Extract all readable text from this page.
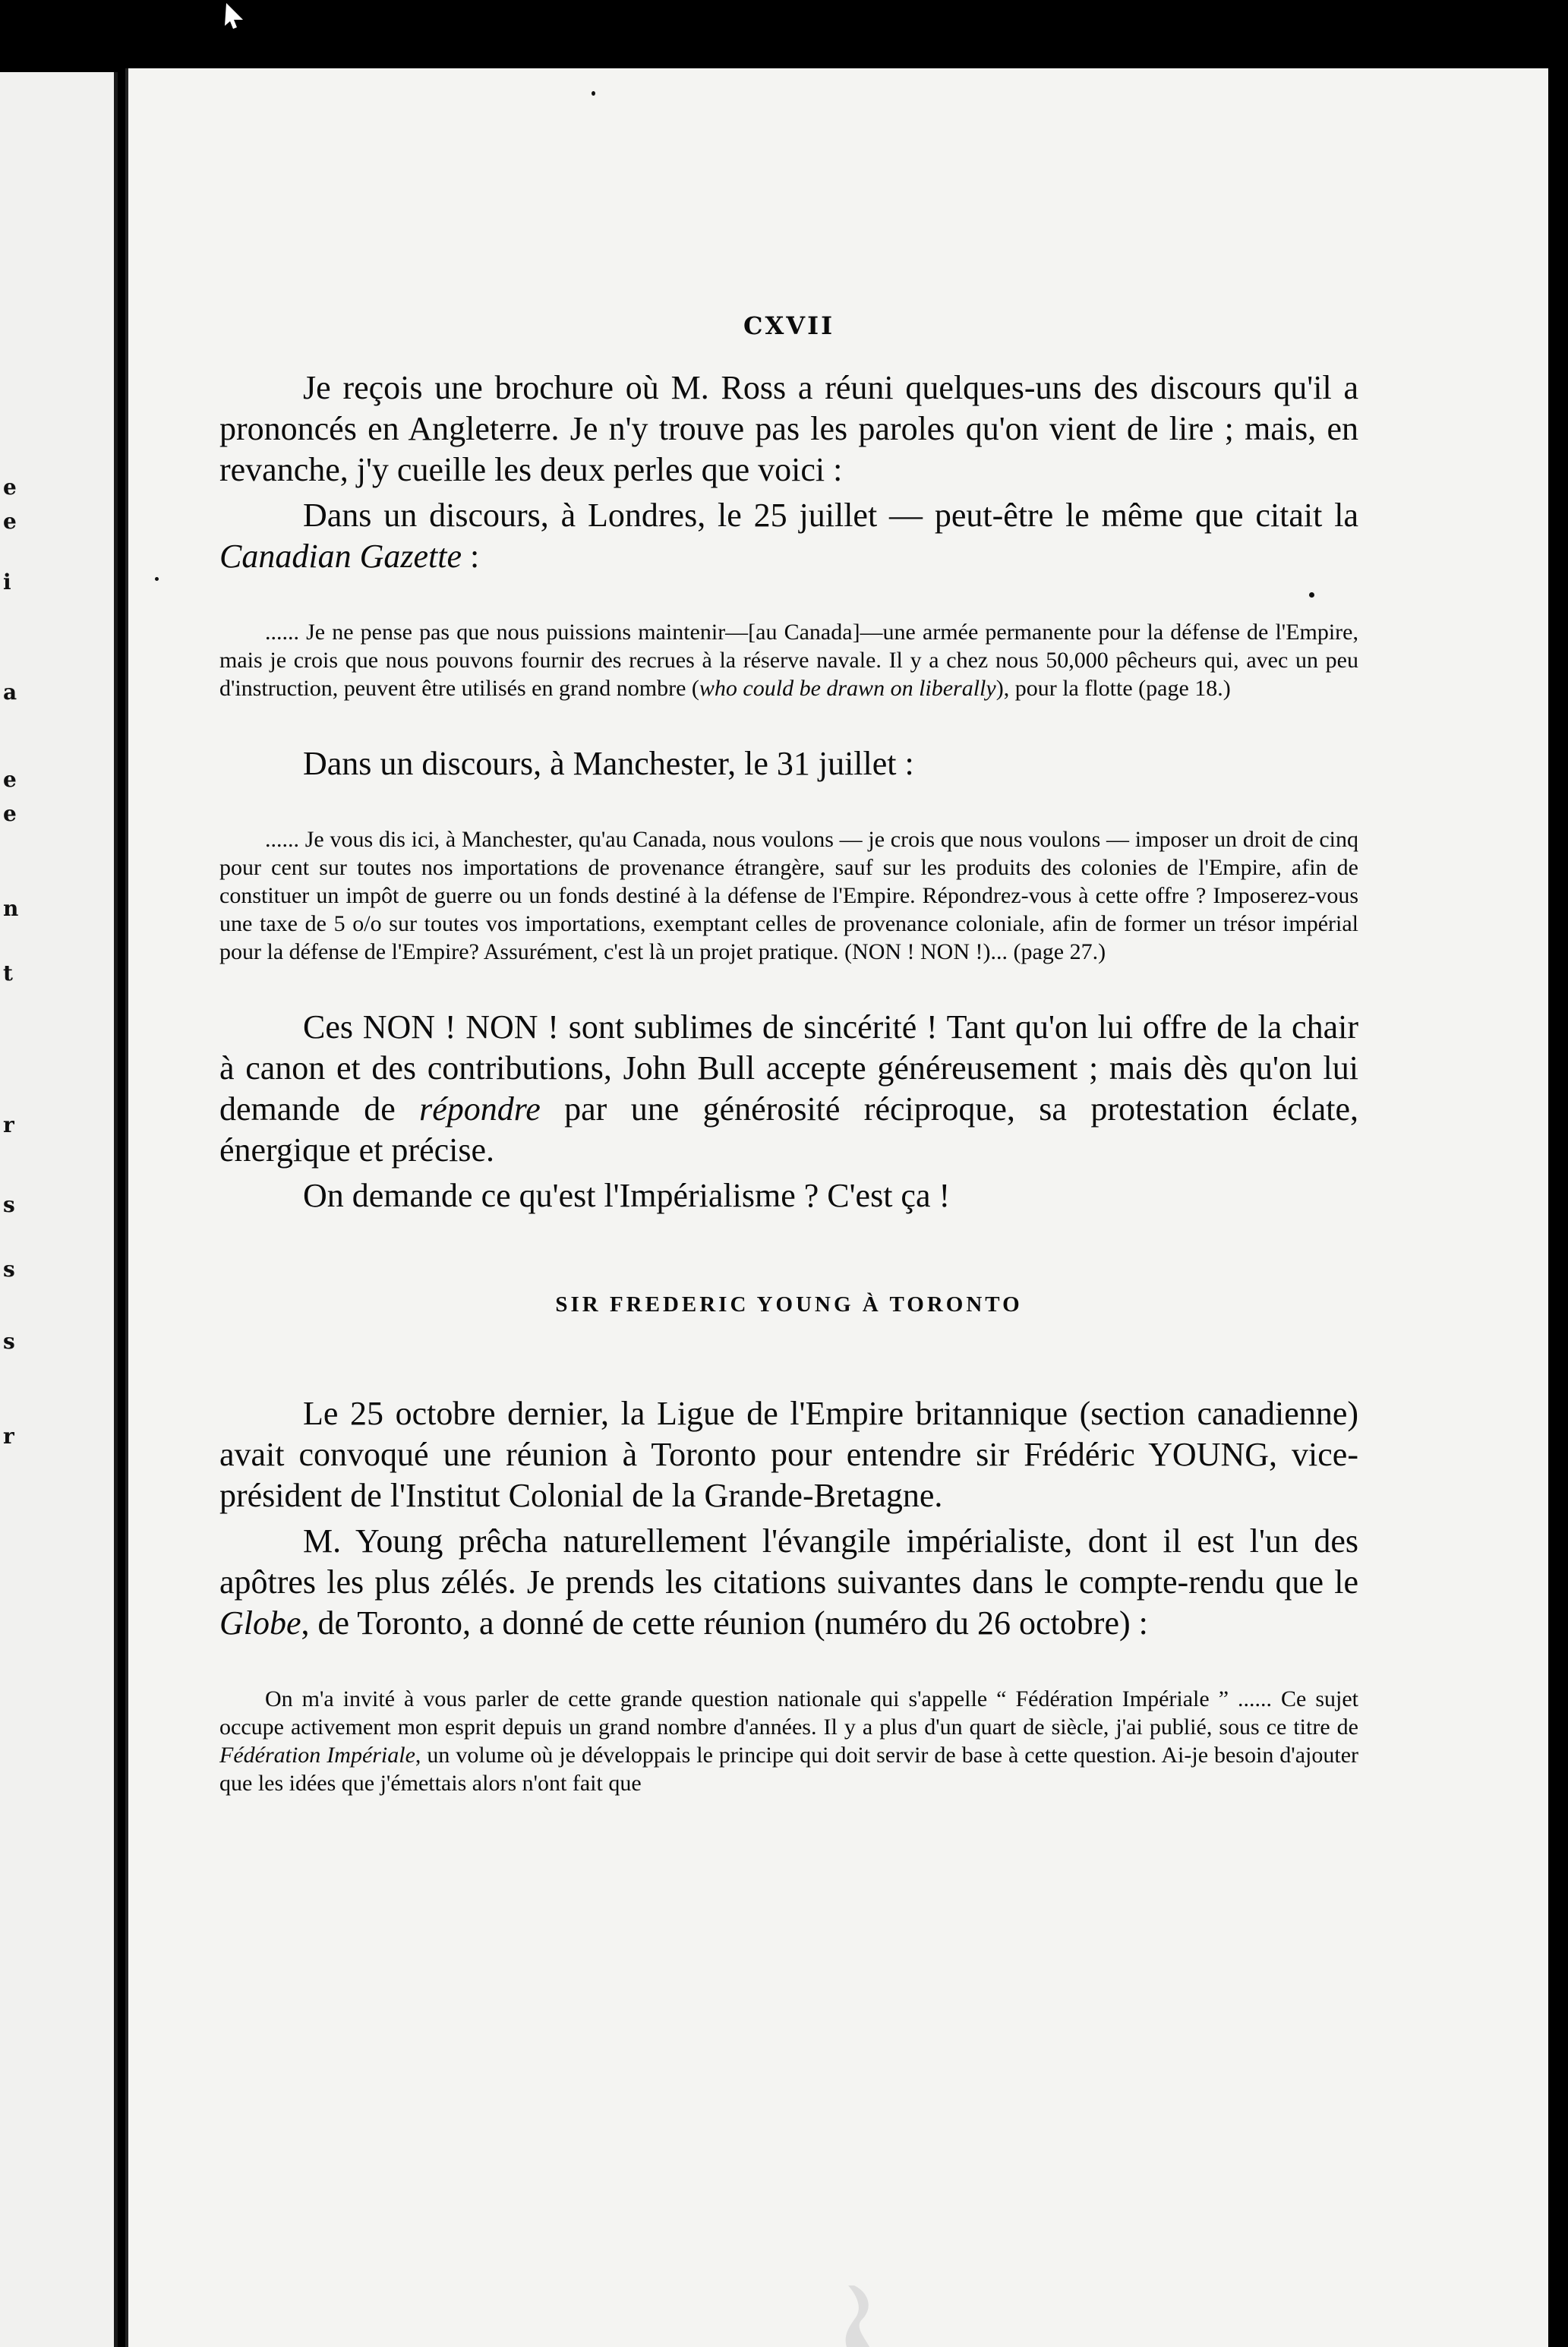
e
e
i
a
e
e
n
t
r
s
s
s
r
CXVII

Je reçois une brochure où M. Ross a réuni quelques-uns des discours qu'il a prononcés en Angleterre. Je n'y trouve pas les paroles qu'on vient de lire ; mais, en revanche, j'y cueille les deux perles que voici :

Dans un discours, à Londres, le 25 juillet — peut-être le même que citait la Canadian Gazette :

...... Je ne pense pas que nous puissions maintenir—[au Canada]—une armée permanente pour la défense de l'Empire, mais je crois que nous pouvons fournir des recrues à la réserve navale. Il y a chez nous 50,000 pêcheurs qui, avec un peu d'instruction, peuvent être utilisés en grand nombre (who could be drawn on liberally), pour la flotte (page 18.)

Dans un discours, à Manchester, le 31 juillet :

...... Je vous dis ici, à Manchester, qu'au Canada, nous voulons — je crois que nous voulons — imposer un droit de cinq pour cent sur toutes nos importations de provenance étrangère, sauf sur les produits des colonies de l'Empire, afin de constituer un impôt de guerre ou un fonds destiné à la défense de l'Empire. Répondrez-vous à cette offre ? Imposerez-vous une taxe de 5 o/o sur toutes vos importations, exemptant celles de provenance coloniale, afin de former un trésor impérial pour la défense de l'Empire? Assurément, c'est là un projet pratique. (NON ! NON !)... (page 27.)

Ces NON ! NON ! sont sublimes de sincérité ! Tant qu'on lui offre de la chair à canon et des contributions, John Bull accepte généreusement ; mais dès qu'on lui demande de répondre par une générosité réciproque, sa protestation éclate, énergique et précise.

On demande ce qu'est l'Impérialisme ? C'est ça !

SIR FREDERIC YOUNG À TORONTO

Le 25 octobre dernier, la Ligue de l'Empire britannique (section canadienne) avait convoqué une réunion à Toronto pour entendre sir Frédéric YOUNG, vice-président de l'Institut Colonial de la Grande-Bretagne.

M. Young prêcha naturellement l'évangile impérialiste, dont il est l'un des apôtres les plus zélés. Je prends les citations suivantes dans le compte-rendu que le Globe, de Toronto, a donné de cette réunion (numéro du 26 octobre) :

On m'a invité à vous parler de cette grande question nationale qui s'appelle “ Fédération Impériale ” ...... Ce sujet occupe activement mon esprit depuis un grand nombre d'années. Il y a plus d'un quart de siècle, j'ai publié, sous ce titre de Fédération Impériale, un volume où je développais le principe qui doit servir de base à cette question. Ai-je besoin d'ajouter que les idées que j'émettais alors n'ont fait que
